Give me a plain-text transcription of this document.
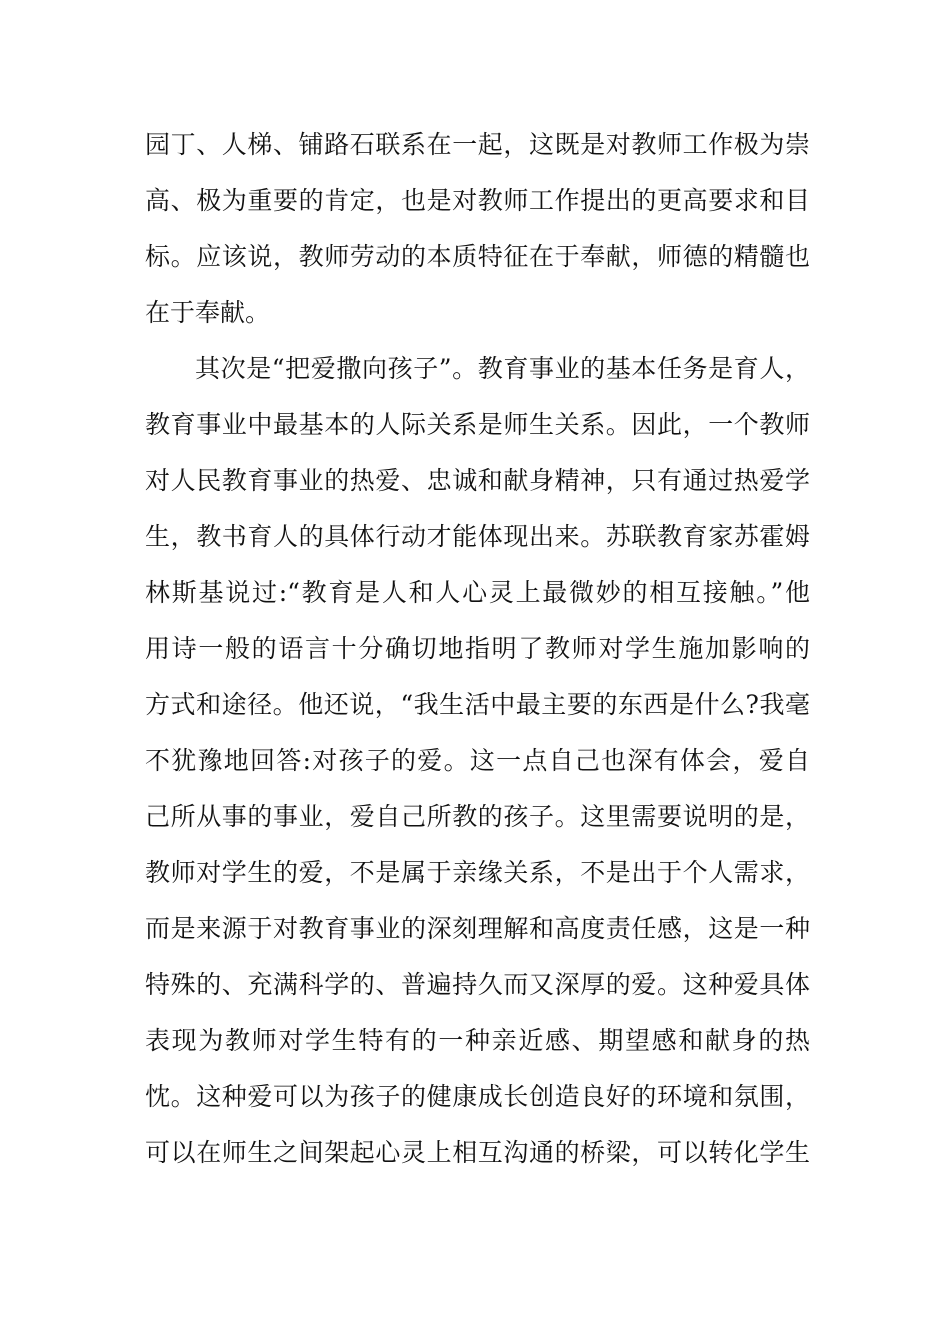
园丁、人梯、铺路石联系在一起，这既是对教师工作极为崇
高、极为重要的肯定，也是对教师工作提出的更高要求和目
标。应该说，教师劳动的本质特征在于奉献，师德的精髓也
在于奉献。
其次是“把爱撒向孩子”。教育事业的基本任务是育人，
教育事业中最基本的人际关系是师生关系。因此，一个教师
对人民教育事业的热爱、忠诚和献身精神，只有通过热爱学
生，教书育人的具体行动才能体现出来。苏联教育家苏霍姆
林斯基说过:“教育是人和人心灵上最微妙的相互接触。”他
用诗一般的语言十分确切地指明了教师对学生施加影响的
方式和途径。他还说，“我生活中最主要的东西是什么?我毫
不犹豫地回答:对孩子的爱。这一点自己也深有体会，爱自
己所从事的事业，爱自己所教的孩子。这里需要说明的是，
教师对学生的爱，不是属于亲缘关系，不是出于个人需求，
而是来源于对教育事业的深刻理解和高度责任感，这是一种
特殊的、充满科学的、普遍持久而又深厚的爱。这种爱具体
表现为教师对学生特有的一种亲近感、期望感和献身的热
忱。这种爱可以为孩子的健康成长创造良好的环境和氛围，
可以在师生之间架起心灵上相互沟通的桥梁，可以转化学生
